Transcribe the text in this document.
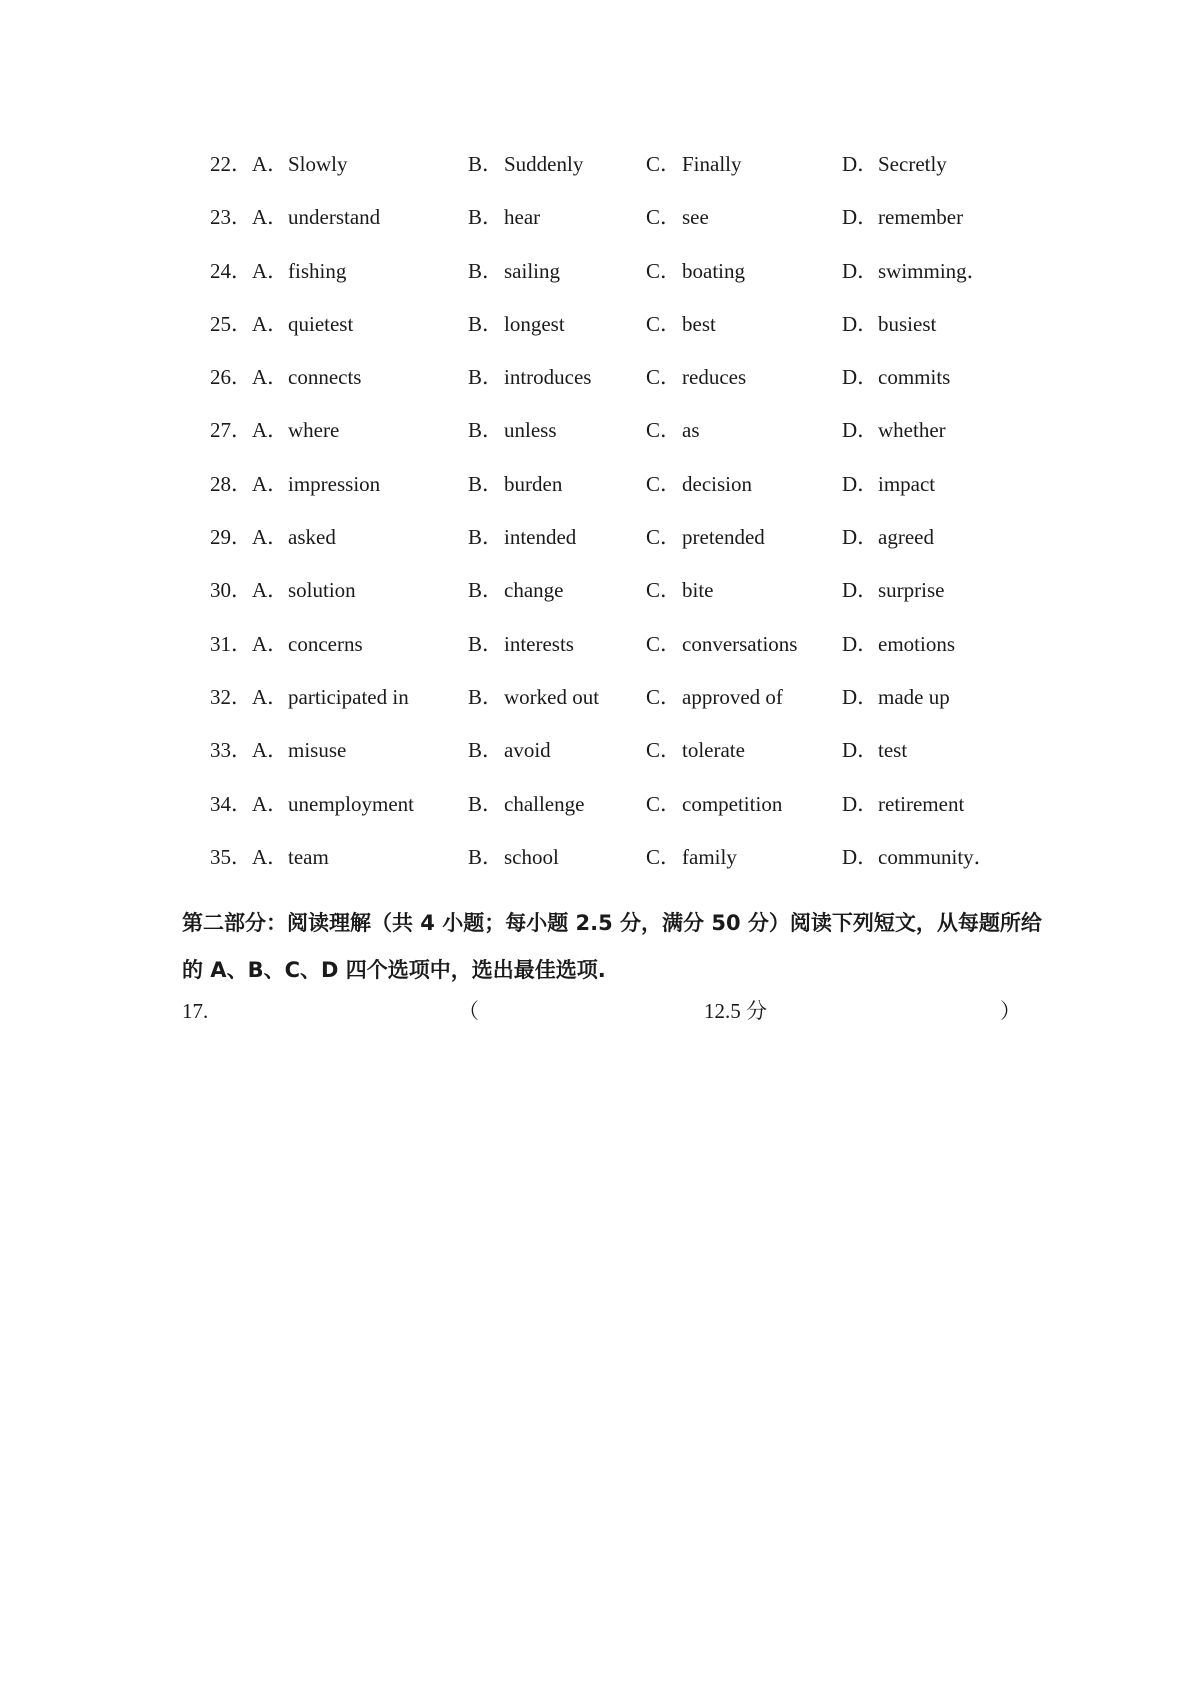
22． A．Slowly	B．Suddenly	C．Finally	D．Secretly
23． A．understand	B．hear	C．see	D．remember
24． A．fishing	B．sailing	C．boating	D．swimming．
25． A．quietest	B．longest	C．best	D．busiest
26． A．connects	B．introduces	C．reduces	D．commits
27． A．where	B．unless	C．as	D．whether
28． A．impression	B．burden	C．decision	D．impact
29． A．asked	B．intended	C．pretended	D．agreed
30． A．solution	B．change	C．bite	D．surprise
31． A．concerns	B．interests	C．conversations D．emotions
32． A．participated in	B．worked out C．approved of	D．made up
33． A．misuse	B．avoid	C．tolerate	D．test
34． A．unemployment	B．challenge	C．competition	D．retirement
35． A．team	B．school	C．family	D．community．
第二部分：阅读理解（共 4 小题；每小题 2.5 分，满分 50 分）阅读下列短文，从每题所给
的 A、B、C、D 四个选项中，选出最佳选项.
17.	（	12.5 分	）
